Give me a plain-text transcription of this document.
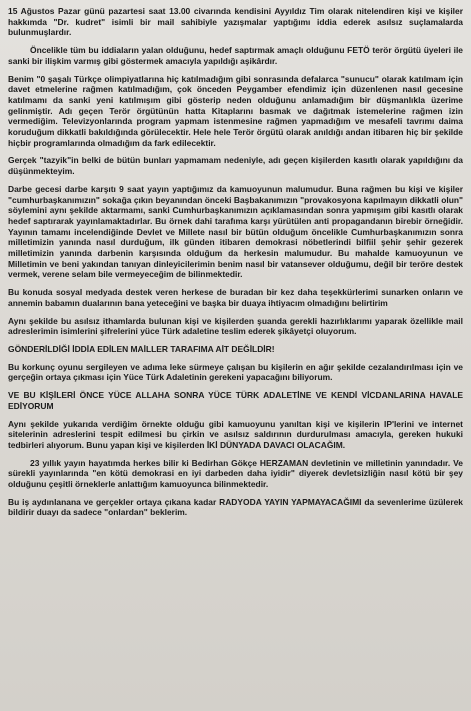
15 Ağustos Pazar günü pazartesi saat 13.00 civarında kendisini Ayyıldız Tim olarak nitelendiren kişi ve kişiler hakkımda "Dr. kudret" isimli bir mail sahibiyle yazışmalar yaptığımı iddia ederek asılsız suçlamalarda bulunmuşlardır.

Öncelikle tüm bu iddiaların yalan olduğunu, hedef saptırmak amaçlı olduğunu FETÖ terör örgütü üyeleri ile sanki bir ilişkim varmış gibi göstermek amacıyla yapıldığı aşikârdır.

Benim "0 şaşalı Türkçe olimpiyatlarına hiç katılmadığım gibi sonrasında defalarca "sunucu" olarak katılmam için davet etmelerine rağmen katılmadığım, çok önceden Peygamber efendimiz için düzenlenen nasıl gecesine katılmamı da sanki yeni katılmışım gibi gösterip neden olduğunu anlamadığım bir düşmanlıkla üzerime gelinmiştir. Adı geçen Terör örgütünün hatta Kitaplarını basmak ve dağıtmak istemelerine rağmen izin vermediğim. Televizyonlarında program yapmam istenmesine rağmen yapmadığım ve mesafeli tavrımı daima koruduğum dikkatli bakıldığında görülecektir. Hele hele Terör örgütü olarak anıldığı andan itibaren hiç bir şekilde hiçbir programlarında olmadığım da fark edilecektir.

Gerçek "tazyik"in belki de bütün bunları yapmamam nedeniyle, adı geçen kişilerden kasıtlı olarak yapıldığını da düşünmekteyim.

Darbe gecesi darbe karşıtı 9 saat yayın yaptığımız da kamuoyunun malumudur. Buna rağmen bu kişi ve kişiler "cumhurbaşkanımızın" sokağa çıkın beyanından önceki Başbakanımızın "provakosyona kapılmayın dikkatli olun" söylemini aynı şekilde aktarmamı, sanki Cumhurbaşkanımızın açıklamasından sonra yapmışım gibi kasıtlı olarak hedef saptırarak yayınlamaktadırlar. Bu örnek dahi tarafıma karşı yürütülen anti propagandanın birebir örneğidir. Yayının tamamı incelendiğinde Devlet ve Millete nasıl bir bütün olduğum öncelikle Cumhurbaşkanımızın sonra milletimizin yanında nasıl durduğum, ilk günden itibaren demokrasi nöbetlerindi bilfiil şehir şehir gezerek milletimizin yanında darbenin karşısında olduğum da herkesin malumudur. Bu mahalde kamuoyunun ve Milletimin ve beni yakından tanıyan dinleyicilerimin benim nasıl bir vatansever olduğumu, değil bir teröre destek vermek, verene selam bile vermeyeceğim de bilinmektedir.

Bu konuda sosyal medyada destek veren herkese de buradan bir kez daha teşekkürlerimi sunarken onların ve annemin babamın dualarının bana yeteceğini ve başka bir duaya ihtiyacım olmadığını belirtirim

Aynı şekilde bu asılsız ithamlarda bulunan kişi ve kişilerden şuanda gerekli hazırlıklarımı yaparak özellikle mail adreslerimin isimlerini şifrelerini yüce Türk adaletine teslim ederek şikâyetçi oluyorum.

GÖNDERİLDİĞİ İDDİA EDİLEN MAİLLER TARAFIMA AİT DEĞİLDİR!

Bu korkunç oyunu sergileyen ve adıma leke sürmeye çalışan bu kişilerin en ağır şekilde cezalandırılması için ve gerçeğin ortaya çıkması için Yüce Türk Adaletinin gerekeni yapacağını biliyorum.

VE BU KİŞİLERİ ÖNCE YÜCE ALLAHA SONRA YÜCE TÜRK ADALETİNE VE KENDİ VİCDANLARINA HAVALE EDİYORUM

Aynı şekilde yukarıda verdiğim örnekte olduğu gibi kamuoyunu yanıltan kişi ve kişilerin IP'lerini ve internet sitelerinin adreslerini tespit edilmesi bu çirkin ve asılsız saldırının durdurulması amacıyla, gereken hukuki tedbirleri alıyorum. Bunu yapan kişi ve kişilerden İKİ DÜNYADA DAVACI OLACAĞIM.

23 yıllık yayın hayatımda herkes bilir ki Bedirhan Gökçe HERZAMAN devletinin ve milletinin yanındadır. Ve sürekli yayınlarında "en kötü demokrasi en iyi darbeden daha iyidir" diyerek devletsizliğin nasıl kötü bir şey olduğunu çeşitli örneklerle anlattığım kamuoyunca bilinmektedir.

Bu iş aydınlanana ve gerçekler ortaya çıkana kadar RADYODA YAYIN YAPMAYACAĞIMI da sevenlerime üzülerek bildirir duayı da sadece "onlardan" beklerim.
